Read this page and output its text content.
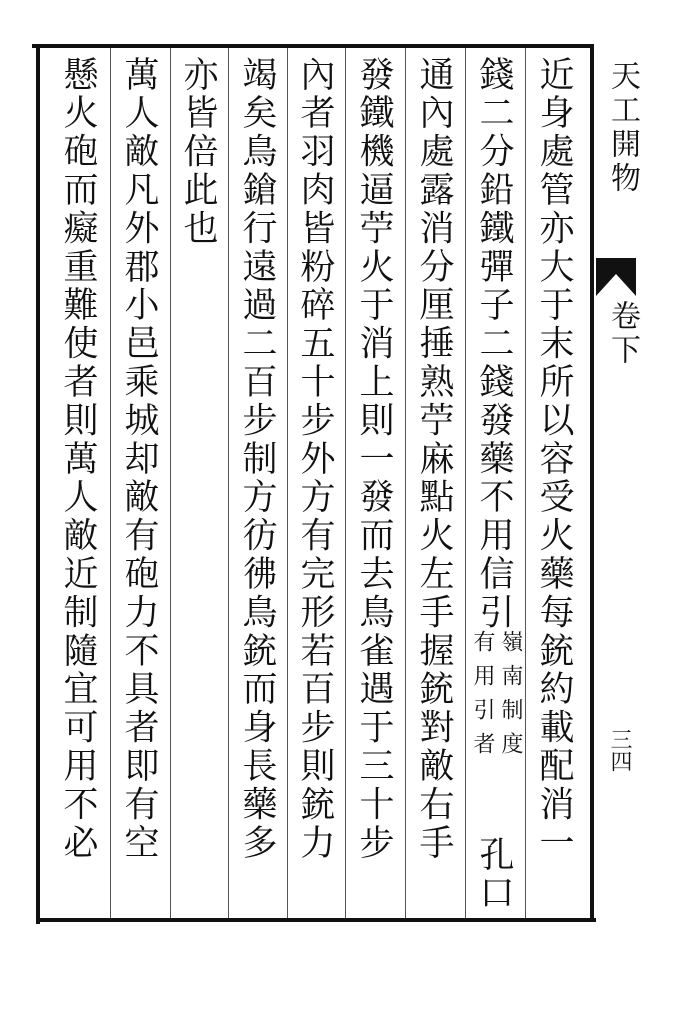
天工開物
卷下
三四
近身處管亦大于末所以容受火藥每銃約載配消一
錢二分鉛鐵彈子二錢發藥不用信引
嶺南制度
有用引者
孔口
通內處露消分厘捶熟苧麻點火左手握銃對敵右手
發鐵機逼苧火于消上則一發而去鳥雀遇于三十步
內者羽肉皆粉碎五十步外方有完形若百步則銃力
竭矣鳥鎗行遠過二百步制方彷彿鳥銃而身長藥多
亦皆倍此也
萬人敵凡外郡小邑乘城却敵有砲力不具者即有空
懸火砲而癡重難使者則萬人敵近制隨宜可用不必
